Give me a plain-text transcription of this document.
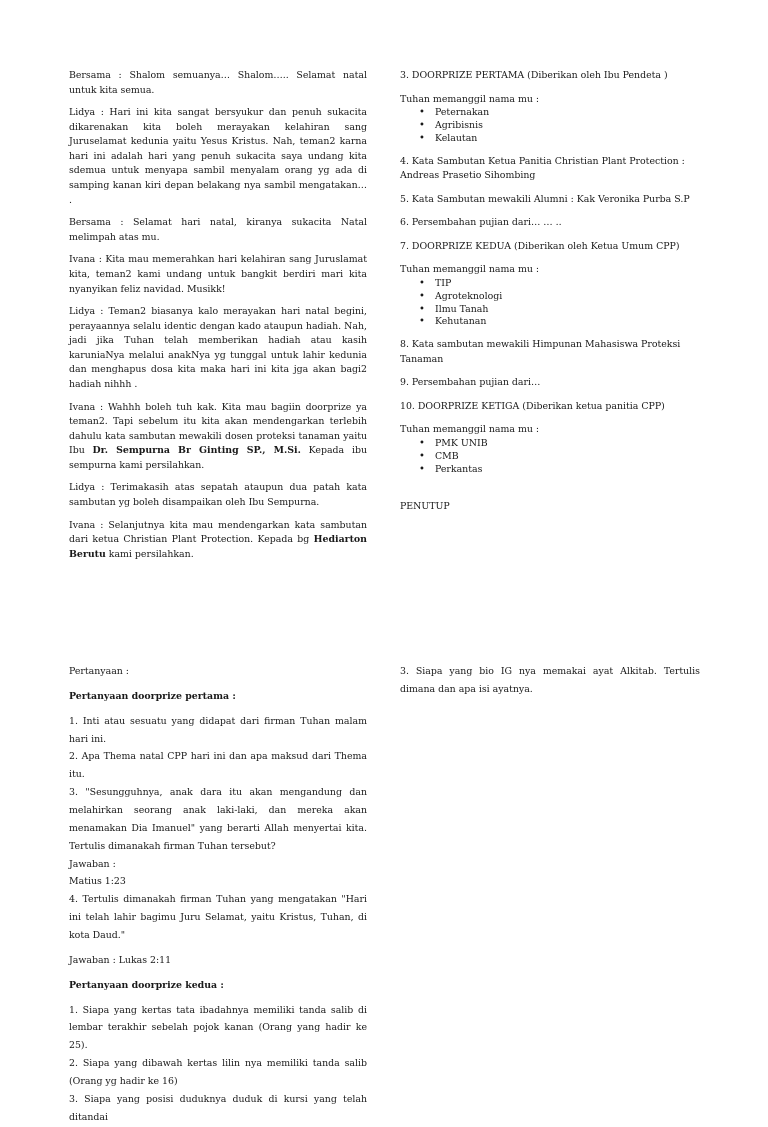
Bersama : Shalom semuanya… Shalom….. Selamat natal untuk kita semua.

Lidya : Hari ini kita sangat bersyukur dan penuh sukacita dikarenakan kita boleh merayakan kelahiran sang Juruselamat kedunia yaitu Yesus Kristus. Nah, teman2 karna hari ini adalah hari yang penuh sukacita saya undang kita sdemua untuk menyapa sambil menyalam orang yg ada di samping kanan kiri depan belakang nya sambil mengatakan… .

Bersama : Selamat hari natal, kiranya sukacita Natal melimpah atas mu.

Ivana : Kita mau memerahkan hari kelahiran sang Juruslamat kita, teman2 kami undang untuk bangkit berdiri mari kita nyanyikan feliz navidad. Musikk!

Lidya : Teman2 biasanya kalo merayakan hari natal begini, perayaannya selalu identic dengan kado ataupun hadiah. Nah, jadi jika Tuhan telah memberikan hadiah atau kasih karuniaNya melalui anakNya yg tunggal untuk lahir kedunia dan menghapus dosa kita maka hari ini kita jga akan bagi2 hadiah nihhh .

Ivana : Wahhh boleh tuh kak. Kita mau bagiin doorprize ya teman2. Tapi sebelum itu kita akan mendengarkan terlebih dahulu kata sambutan mewakili dosen proteksi tanaman yaitu Ibu Dr. Sempurna Br Ginting SP., M.Si. Kepada ibu sempurna kami persilahkan.

Lidya : Terimakasih atas sepatah ataupun dua patah kata sambutan yg boleh disampaikan oleh Ibu Sempurna.

Ivana : Selanjutnya kita mau mendengarkan kata sambutan dari ketua Christian Plant Protection. Kepada bg Hediarton Berutu kami persilahkan.

3. DOORPRIZE PERTAMA (Diberikan oleh Ibu Pendeta )

Tuhan memanggil nama mu :

• Peternakan
• Agribisnis
• Kelautan

4. Kata Sambutan Ketua Panitia Christian Plant Protection : Andreas Prasetio Sihombing

5. Kata Sambutan mewakili Alumni : Kak Veronika Purba S.P

6. Persembahan pujian dari… … ..

7. DOORPRIZE KEDUA (Diberikan oleh Ketua Umum CPP)

Tuhan memanggil nama mu :

• TIP
• Agroteknologi
• Ilmu Tanah
• Kehutanan

8. Kata sambutan mewakili Himpunan Mahasiswa Proteksi Tanaman

9. Persembahan pujian dari…

10. DOORPRIZE KETIGA (Diberikan ketua panitia CPP)

Tuhan memanggil nama mu :

• PMK UNIB
• CMB
• Perkantas

PENUTUP

Pertanyaan :

Pertanyaan doorprize pertama :

1. Inti atau sesuatu yang didapat dari firman Tuhan malam hari ini.

2. Apa Thema natal CPP hari ini dan apa maksud dari Thema itu.

3. "Sesungguhnya, anak dara itu akan mengandung dan melahirkan seorang anak laki-laki, dan mereka akan menamakan Dia Imanuel" yang berarti Allah menyertai kita. Tertulis dimanakah firman Tuhan tersebut?

Jawaban :

Matius 1:23

4. Tertulis dimanakah firman Tuhan yang mengatakan "Hari ini telah lahir bagimu Juru Selamat, yaitu Kristus, Tuhan, di kota Daud."

Jawaban : Lukas 2:11

Pertanyaan doorprize kedua :

1. Siapa yang kertas tata ibadahnya memiliki tanda salib di lembar terakhir sebelah pojok kanan (Orang yang hadir ke 25).

2. Siapa yang dibawah kertas lilin nya memiliki tanda salib (Orang yg hadir ke 16)

3. Siapa yang posisi duduknya duduk di kursi yang telah ditandai

3. Siapa yang bio IG nya memakai ayat Alkitab. Tertulis dimana dan apa isi ayatnya.
